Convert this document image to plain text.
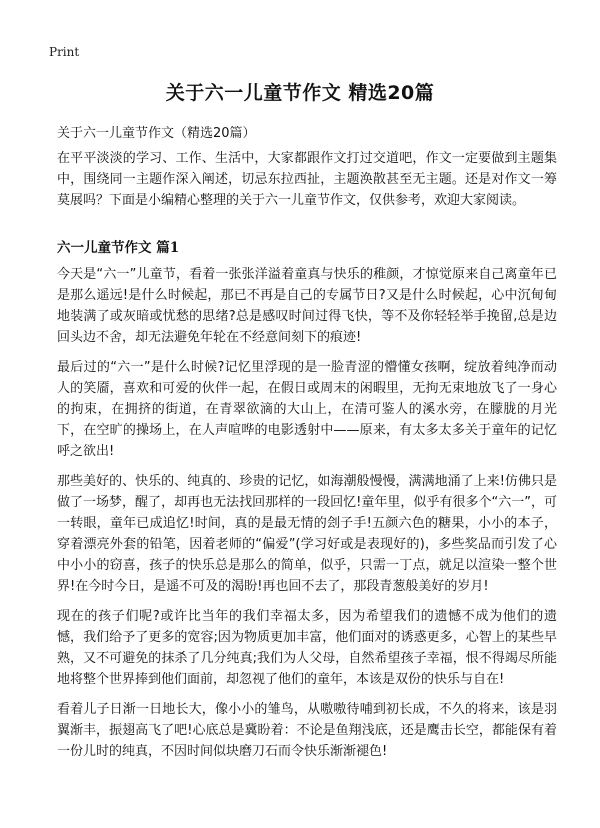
Print
关于六一儿童节作文 精选20篇

关于六一儿童节作文（精选20篇）

在平平淡淡的学习、工作、生活中，大家都跟作文打过交道吧，作文一定要做到主题集中，围绕同一主题作深入阐述，切忌东拉西扯，主题涣散甚至无主题。还是对作文一筹莫展吗？下面是小编精心整理的关于六一儿童节作文，仅供参考，欢迎大家阅读。

六一儿童节作文 篇1

今天是“六一”儿童节，看着一张张洋溢着童真与快乐的稚颜，才惊觉原来自己离童年已是那么遥远!是什么时候起，那已不再是自己的专属节日?又是什么时候起，心中沉甸甸地装满了或灰暗或忧愁的思绪?总是感叹时间过得飞快，等不及你轻轻举手挽留,总是边回头边不舍，却无法避免年轮在不经意间刻下的痕迹!

最后过的“六一”是什么时候?记忆里浮现的是一脸青涩的懵懂女孩啊，绽放着纯净而动人的笑靥，喜欢和可爱的伙伴一起，在假日或周末的闲暇里，无拘无束地放飞了一身心的拘束，在拥挤的街道，在青翠欲滴的大山上，在清可鉴人的溪水旁，在朦胧的月光下，在空旷的操场上，在人声喧哗的电影透射中——原来，有太多太多关于童年的记忆呼之欲出!

那些美好的、快乐的、纯真的、珍贵的记忆，如海潮般慢慢，满满地涌了上来!仿佛只是做了一场梦，醒了，却再也无法找回那样的一段回忆!童年里，似乎有很多个“六一”，可一转眼，童年已成追忆!时间，真的是最无情的刽子手!五颜六色的糖果，小小的本子，穿着漂亮外套的铅笔，因着老师的“偏爱”(学习好或是表现好的)，多些奖品而引发了心中小小的窃喜，孩子的快乐总是那么的简单，似乎，只需一丁点，就足以渲染一整个世界!在今时今日，是遥不可及的渴盼!再也回不去了，那段青葱般美好的岁月!

现在的孩子们呢?或许比当年的我们幸福太多，因为希望我们的遗憾不成为他们的遗憾，我们给予了更多的宽容;因为物质更加丰富，他们面对的诱惑更多，心智上的某些早熟，又不可避免的抹杀了几分纯真;我们为人父母，自然希望孩子幸福，恨不得竭尽所能地将整个世界捧到他们面前，却忽视了他们的童年，本该是双份的快乐与自在!

看着儿子日渐一日地长大，像小小的雏鸟，从嗷嗷待哺到初长成，不久的将来，该是羽翼渐丰，振翅高飞了吧!心底总是冀盼着：不论是鱼翔浅底，还是鹰击长空，都能保有着一份儿时的纯真，不因时间似块磨刀石而令快乐渐渐褪色!
